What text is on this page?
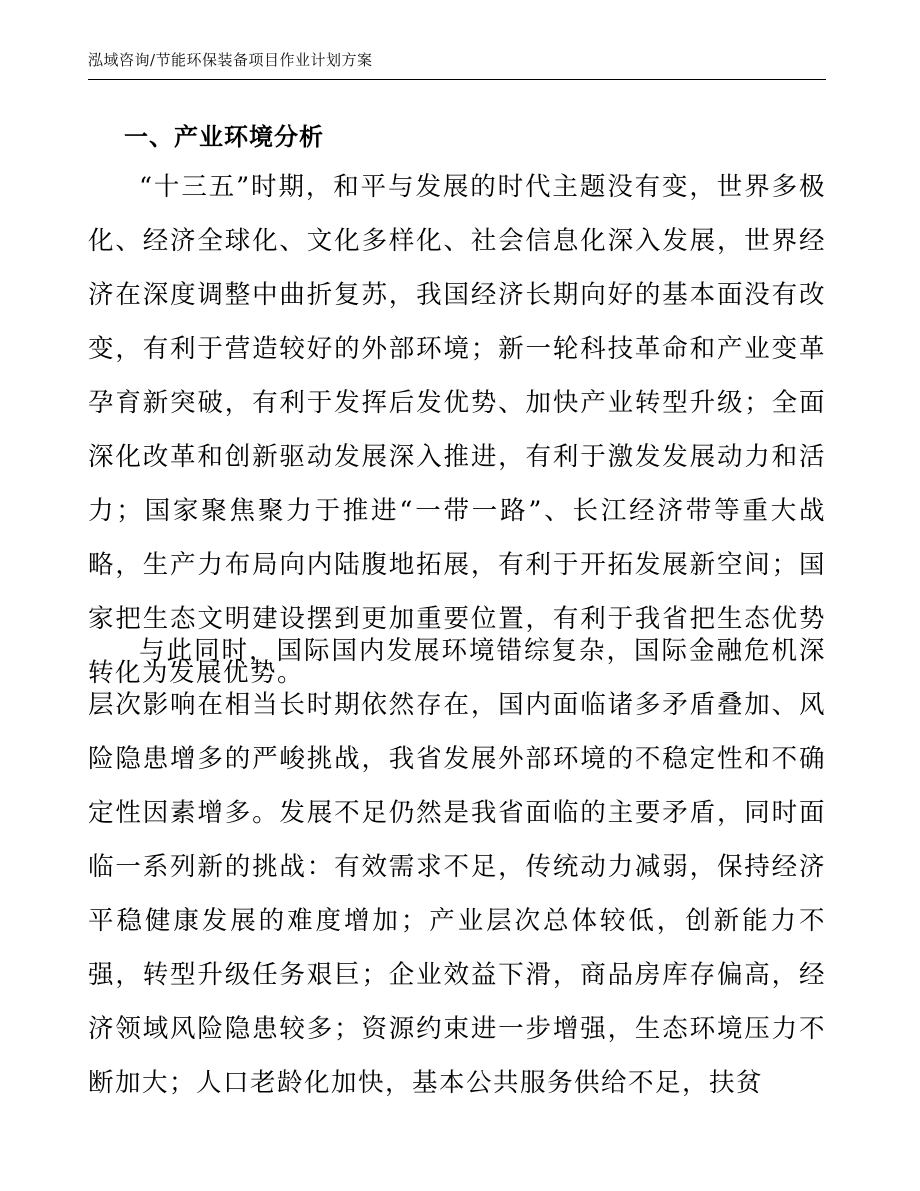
泓域咨询/节能环保装备项目作业计划方案
一、产业环境分析

“十三五”时期，和平与发展的时代主题没有变，世界多极化、经济全球化、文化多样化、社会信息化深入发展，世界经济在深度调整中曲折复苏，我国经济长期向好的基本面没有改变，有利于营造较好的外部环境；新一轮科技革命和产业变革孕育新突破，有利于发挥后发优势、加快产业转型升级；全面深化改革和创新驱动发展深入推进，有利于激发发展动力和活力；国家聚焦聚力于推进“一带一路”、长江经济带等重大战略，生产力布局向内陆腹地拓展，有利于开拓发展新空间；国家把生态文明建设摆到更加重要位置，有利于我省把生态优势转化为发展优势。

与此同时，国际国内发展环境错综复杂，国际金融危机深层次影响在相当长时期依然存在，国内面临诸多矛盾叠加、风险隐患增多的严峻挑战，我省发展外部环境的不稳定性和不确定性因素增多。发展不足仍然是我省面临的主要矛盾，同时面临一系列新的挑战：有效需求不足，传统动力减弱，保持经济平稳健康发展的难度增加；产业层次总体较低，创新能力不强，转型升级任务艰巨；企业效益下滑，商品房库存偏高，经济领域风险隐患较多；资源约束进一步增强，生态环境压力不断加大；人口老龄化加快，基本公共服务供给不足，扶贫
